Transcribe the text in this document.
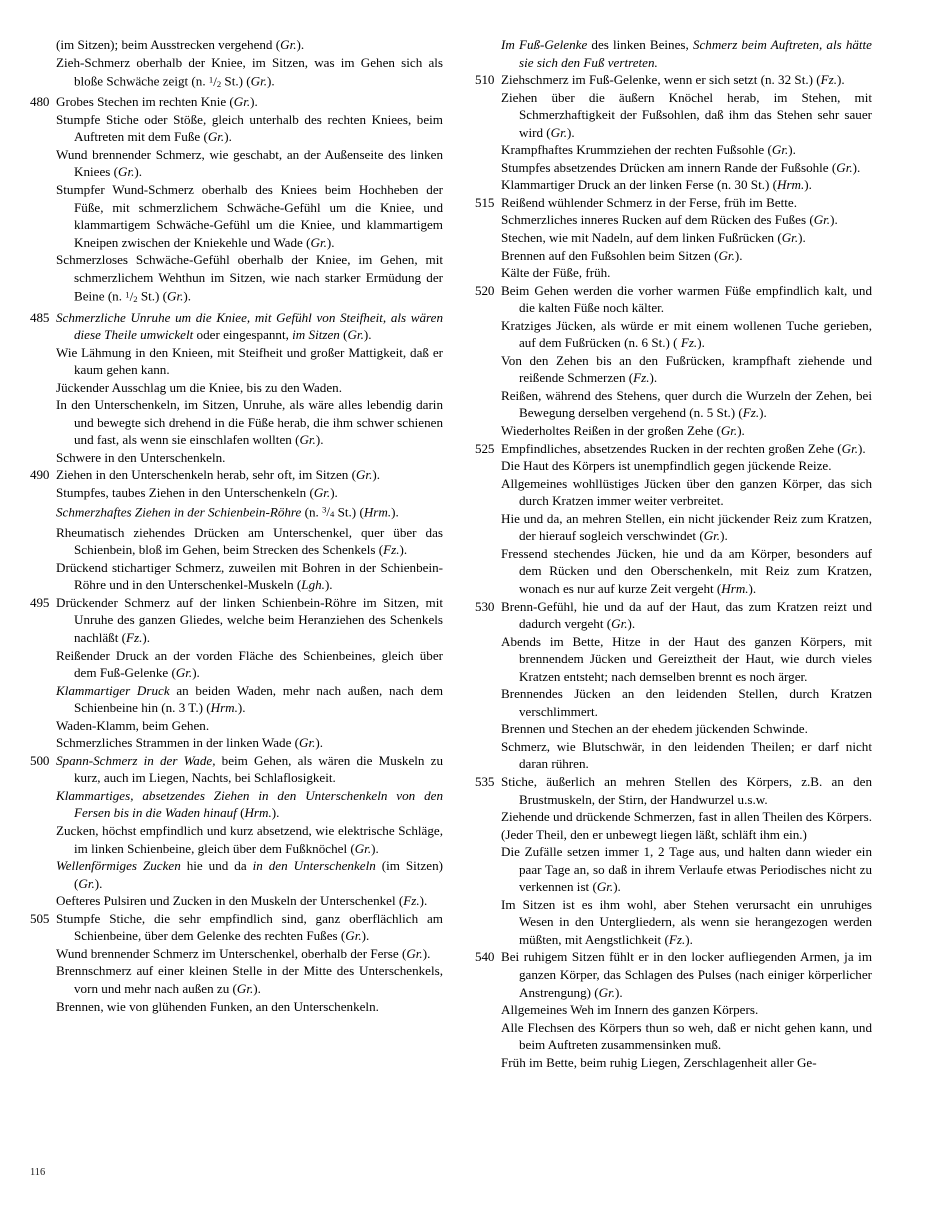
(im Sitzen); beim Ausstrecken vergehend (Gr.).
Zieh-Schmerz oberhalb der Kniee, im Sitzen, was im Gehen sich als bloße Schwäche zeigt (n. $^1$/2 St.) (Gr.).
480 Grobes Stechen im rechten Knie (Gr.).
Stumpfe Stiche oder Stöße, gleich unterhalb des rechten Kniees, beim Auftreten mit dem Fuße (Gr.).
Wund brennender Schmerz, wie geschabt, an der Außenseite des linken Kniees (Gr.).
Stumpfer Wund-Schmerz oberhalb des Kniees beim Hochheben der Füße, mit schmerzlichem Schwäche-Gefühl um die Kniee, und klammartigem Schwäche-Gefühl um die Kniee, und klammartigem Kneipen zwischen der Kniekehle und Wade (Gr.).
Schmerzloses Schwäche-Gefühl oberhalb der Kniee, im Gehen, mit schmerzlichem Wehthun im Sitzen, wie nach starker Ermüdung der Beine (n. $^1$/2 St.) (Gr.).
485 Schmerzliche Unruhe um die Kniee, mit Gefühl von Steifheit, als wären diese Theile umwickelt oder eingespannt, im Sitzen (Gr.).
Wie Lähmung in den Knieen, mit Steifheit und großer Mattigkeit, daß er kaum gehen kann.
Jückender Ausschlag um die Kniee, bis zu den Waden.
In den Unterschenkeln, im Sitzen, Unruhe, als wäre alles lebendig darin und bewegte sich drehend in die Füße herab, die ihm schwer schienen und fast, als wenn sie einschlafen wollten (Gr.).
Schwere in den Unterschenkeln.
490 Ziehen in den Unterschenkeln herab, sehr oft, im Sitzen (Gr.).
Stumpfes, taubes Ziehen in den Unterschenkeln (Gr.).
Schmerzhaftes Ziehen in der Schienbein-Röhre (n. $^3$/4 St.) (Hrm.).
Rheumatisch ziehendes Drücken am Unterschenkel, quer über das Schienbein, bloß im Gehen, beim Strecken des Schenkels (Fz.).
Drückend stichartiger Schmerz, zuweilen mit Bohren in der Schienbein-Röhre und in den Unterschenkel-Muskeln (Lgh.).
495 Drückender Schmerz auf der linken Schienbein-Röhre im Sitzen, mit Unruhe des ganzen Gliedes, welche beim Heranziehen des Schenkels nachläßt (Fz.).
Reißender Druck an der vorden Fläche des Schienbeines, gleich über dem Fuß-Gelenke (Gr.).
Klammartiger Druck an beiden Waden, mehr nach außen, nach dem Schienbeine hin (n. 3 T.) (Hrm.).
Waden-Klamm, beim Gehen.
Schmerzliches Strammen in der linken Wade (Gr.).
500 Spann-Schmerz in der Wade, beim Gehen, als wären die Muskeln zu kurz, auch im Liegen, Nachts, bei Schlaflosigkeit.
Klammartiges, absetzendes Ziehen in den Unterschenkeln von den Fersen bis in die Waden hinauf (Hrm.).
Zucken, höchst empfindlich und kurz absetzend, wie elektrische Schläge, im linken Schienbeine, gleich über dem Fußknöchel (Gr.).
Wellenförmiges Zucken hie und da in den Unterschenkeln (im Sitzen) (Gr.).
Oefteres Pulsiren und Zucken in den Muskeln der Unterschenkel (Fz.).
505 Stumpfe Stiche, die sehr empfindlich sind, ganz oberflächlich am Schienbeine, über dem Gelenke des rechten Fußes (Gr.).
Wund brennender Schmerz im Unterschenkel, oberhalb der Ferse (Gr.).
Brennschmerz auf einer kleinen Stelle in der Mitte des Unterschenkels, vorn und mehr nach außen zu (Gr.).
Brennen, wie von glühenden Funken, an den Unterschenkeln.
Im Fuß-Gelenke des linken Beines, Schmerz beim Auftreten, als hätte sie sich den Fuß vertreten.
510 Ziehschmerz im Fuß-Gelenke, wenn er sich setzt (n. 32 St.) (Fz.).
Ziehen über die äußern Knöchel herab, im Stehen, mit Schmerzhaftigkeit der Fußsohlen, daß ihm das Stehen sehr sauer wird (Gr.).
Krampfhaftes Krummziehen der rechten Fußsohle (Gr.).
Stumpfes absetzendes Drücken am innern Rande der Fußsohle (Gr.).
Klammartiger Druck an der linken Ferse (n. 30 St.) (Hrm.).
515 Reißend wühlender Schmerz in der Ferse, früh im Bette.
Schmerzliches inneres Rucken auf dem Rücken des Fußes (Gr.).
Stechen, wie mit Nadeln, auf dem linken Fußrücken (Gr.).
Brennen auf den Fußsohlen beim Sitzen (Gr.).
Kälte der Füße, früh.
520 Beim Gehen werden die vorher warmen Füße empfindlich kalt, und die kalten Füße noch kälter.
Kratziges Jücken, als würde er mit einem wollenen Tuche gerieben, auf dem Fußrücken (n. 6 St.) ( Fz.).
Von den Zehen bis an den Fußrücken, krampfhaft ziehende und reißende Schmerzen (Fz.).
Reißen, während des Stehens, quer durch die Wurzeln der Zehen, bei Bewegung derselben vergehend (n. 5 St.) (Fz.).
Wiederholtes Reißen in der großen Zehe (Gr.).
525 Empfindliches, absetzendes Rucken in der rechten großen Zehe (Gr.).
Die Haut des Körpers ist unempfindlich gegen jückende Reize.
Allgemeines wohllüstiges Jücken über den ganzen Körper, das sich durch Kratzen immer weiter verbreitet.
Hie und da, an mehren Stellen, ein nicht jückender Reiz zum Kratzen, der hierauf sogleich verschwindet (Gr.).
Fressend stechendes Jücken, hie und da am Körper, besonders auf dem Rücken und den Oberschenkeln, mit Reiz zum Kratzen, wonach es nur auf kurze Zeit vergeht (Hrm.).
530 Brenn-Gefühl, hie und da auf der Haut, das zum Kratzen reizt und dadurch vergeht (Gr.).
Abends im Bette, Hitze in der Haut des ganzen Körpers, mit brennendem Jücken und Gereiztheit der Haut, wie durch vieles Kratzen entsteht; nach demselben brennt es noch ärger.
Brennendes Jücken an den leidenden Stellen, durch Kratzen verschlimmert.
Brennen und Stechen an der ehedem jückenden Schwinde.
Schmerz, wie Blutschwär, in den leidenden Theilen; er darf nicht daran rühren.
535 Stiche, äußerlich an mehren Stellen des Körpers, z.B. an den Brustmuskeln, der Stirn, der Handwurzel u.s.w.
Ziehende und drückende Schmerzen, fast in allen Theilen des Körpers.
(Jeder Theil, den er unbewegt liegen läßt, schläft ihm ein.)
Die Zufälle setzen immer 1, 2 Tage aus, und halten dann wieder ein paar Tage an, so daß in ihrem Verlaufe etwas Periodisches nicht zu verkennen ist (Gr.).
Im Sitzen ist es ihm wohl, aber Stehen verursacht ein unruhiges Wesen in den Untergliedern, als wenn sie herangezogen werden müßten, mit Aengstlichkeit (Fz.).
540 Bei ruhigem Sitzen fühlt er in den locker aufliegenden Armen, ja im ganzen Körper, das Schlagen des Pulses (nach einiger körperlicher Anstrengung) (Gr.).
Allgemeines Weh im Innern des ganzen Körpers.
Alle Flechsen des Körpers thun so weh, daß er nicht gehen kann, und beim Auftreten zusammensinken muß.
Früh im Bette, beim ruhig Liegen, Zerschlagenheit aller Ge-
116
